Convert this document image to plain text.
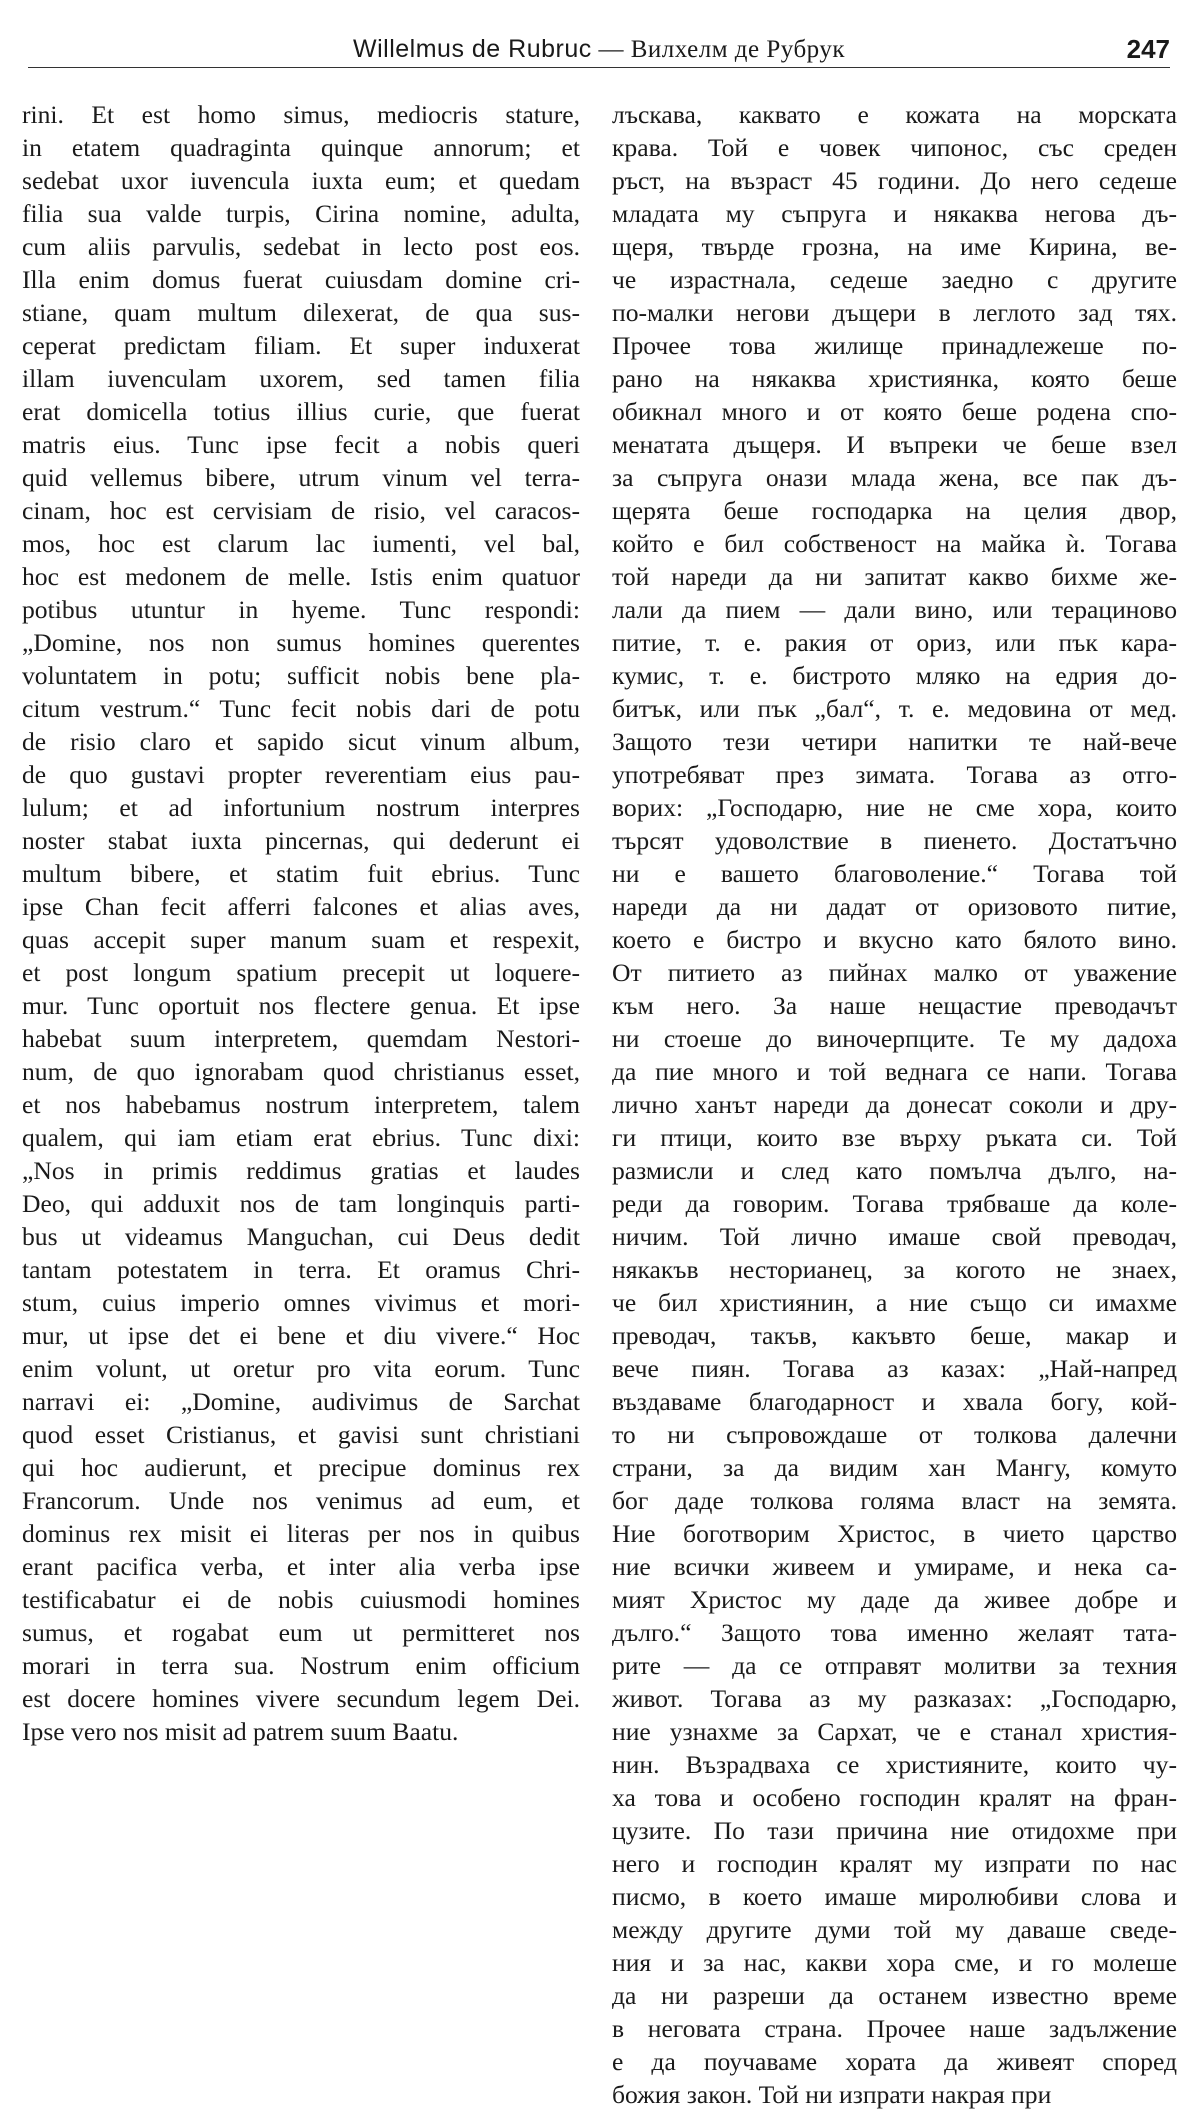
Willelmus de Rubruc — Вилхелм де Рубрук	247
rini. Et est homo simus, mediocris stature,
in etatem quadraginta quinque annorum; et
sedebat uxor iuvencula iuxta eum; et quedam
filia sua valde turpis, Cirina nomine, adulta,
cum aliis parvulis, sedebat in lecto post eos.
Illa enim domus fuerat cuiusdam domine cri-
stiane, quam multum dilexerat, de qua sus-
ceperat predictam filiam. Et super induxerat
illam iuvenculam uxorem, sed tamen filia
erat domicella totius illius curie, que fuerat
matris eius. Tunc ipse fecit a nobis queri
quid vellemus bibere, utrum vinum vel terra-
cinam, hoc est cervisiam de risio, vel caracos-
mos, hoc est clarum lac iumenti, vel bal,
hoc est medonem de melle. Istis enim quatuor
potibus utuntur in hyeme. Tunc respondi:
„Domine, nos non sumus homines querentes
voluntatem in potu; sufficit nobis bene pla-
citum vestrum.“ Tunc fecit nobis dari de potu
de risio claro et sapido sicut vinum album,
de quo gustavi propter reverentiam eius pau-
lulum; et ad infortunium nostrum interpres
noster stabat iuxta pincernas, qui dederunt ei
multum bibere, et statim fuit ebrius. Tunc
ipse Chan fecit afferri falcones et alias aves,
quas accepit super manum suam et respexit,
et post longum spatium precepit ut loquere-
mur. Tunc oportuit nos flectere genua. Et ipse
habebat suum interpretem, quemdam Nestori-
num, de quo ignorabam quod christianus esset,
et nos habebamus nostrum interpretem, talem
qualem, qui iam etiam erat ebrius. Tunc dixi:
„Nos in primis reddimus gratias et laudes
Deo, qui adduxit nos de tam longinquis parti-
bus ut videamus Manguchan, cui Deus dedit
tantam potestatem in terra. Et oramus Chri-
stum, cuius imperio omnes vivimus et mori-
mur, ut ipse det ei bene et diu vivere.“ Hoc
enim volunt, ut oretur pro vita eorum. Tunc
narravi ei: „Domine, audivimus de Sarchat
quod esset Cristianus, et gavisi sunt christiani
qui hoc audierunt, et precipue dominus rex
Francorum. Unde nos venimus ad eum, et
dominus rex misit ei literas per nos in quibus
erant pacifica verba, et inter alia verba ipse
testificabatur ei de nobis cuiusmodi homines
sumus, et rogabat eum ut permitteret nos
morari in terra sua. Nostrum enim officium
est docere homines vivere secundum legem Dei.
Ipse vero nos misit ad patrem suum Baatu.
лъскава, каквато е кожата на морската
крава. Той е човек чипонос, със среден
ръст, на възраст 45 години. До него седеше
младата му съпруга и някаква негова дъ-
щеря, твърде грозна, на име Кирина, ве-
че израстнала, седеше заедно с другите
по-малки негови дъщери в леглото зад тях.
Прочее това жилище принадлежеше по-
рано на някаква християнка, която беше
обикнал много и от която беше родена спо-
менатата дъщеря. И въпреки че беше взел
за съпруга онази млада жена, все пак дъ-
щерята беше господарка на целия двор,
който е бил собственост на майка ѝ. Тогава
той нареди да ни запитат какво бихме же-
лали да пием — дали вино, или терациново
питие, т. е. ракия от ориз, или пък кара-
кумис, т. е. бистрото мляко на едрия до-
битък, или пък „бал“, т. е. медовина от мед.
Защото тези четири напитки те най-вече
употребяват през зимата. Тогава аз отго-
ворих: „Господарю, ние не сме хора, които
търсят удоволствие в пиенето. Достатъчно
ни е вашето благоволение.“ Тогава той
нареди да ни дадат от оризовото питие,
което е бистро и вкусно като бялото вино.
От питието аз пийнах малко от уважение
към него. За наше нещастие преводачът
ни стоеше до виночерпците. Те му дадоха
да пие много и той веднага се напи. Тогава
лично ханът нареди да донесат соколи и дру-
ги птици, които взе върху ръката си. Той
размисли и след като помълча дълго, на-
реди да говорим. Тогава трябваше да коле-
ничим. Той лично имаше свой преводач,
някакъв несторианец, за когото не знаех,
че бил християнин, а ние също си имахме
преводач, такъв, какъвто беше, макар и
вече пиян. Тогава аз казах: „Най-напред
въздаваме благодарност и хвала богу, кой-
то ни съпровождаше от толкова далечни
страни, за да видим хан Мангу, комуто
бог даде толкова голяма власт на земята.
Ние боготворим Христос, в чието царство
ние всички живеем и умираме, и нека са-
мият Христос му даде да живее добре и
дълго.“ Защото това именно желаят тата-
рите — да се отправят молитви за техния
живот. Тогава аз му разказах: „Господарю,
ние узнахме за Сархат, че е станал христия-
нин. Възрадваха се християните, които чу-
ха това и особено господин кралят на фран-
цузите. По тази причина ние отидохме при
него и господин кралят му изпрати по нас
писмо, в което имаше миролюбиви слова и
между другите думи той му даваше сведе-
ния и за нас, какви хора сме, и го молеше
да ни разреши да останем известно време
в неговата страна. Прочее наше задължение
е да поучаваме хората да живеят според
божия закон. Той ни изпрати накрая при
